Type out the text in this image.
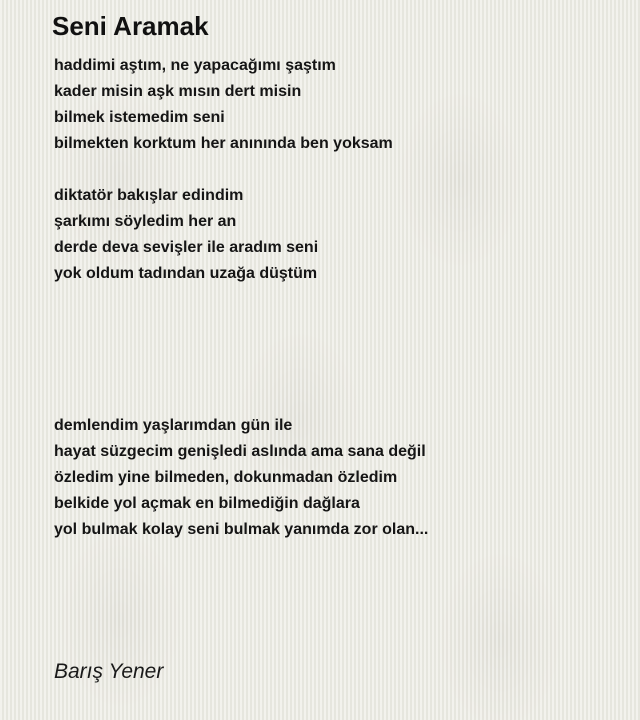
Seni Aramak
haddimi aştım, ne yapacağımı şaştım
kader misin aşk mısın dert misin
bilmek istemedim seni
bilmekten korktum her anınında ben yoksam
diktatör bakışlar edindim
şarkımı söyledim her an
derde deva sevişler ile aradım seni
yok oldum tadından uzağa düştüm
demlendim yaşlarımdan gün ile
hayat süzgecim genişledi aslında ama sana değil
özledim yine bilmeden, dokunmadan özledim
belkide yol açmak en bilmediğin dağlara
yol bulmak kolay seni bulmak yanımda zor olan...

Barış Yener
